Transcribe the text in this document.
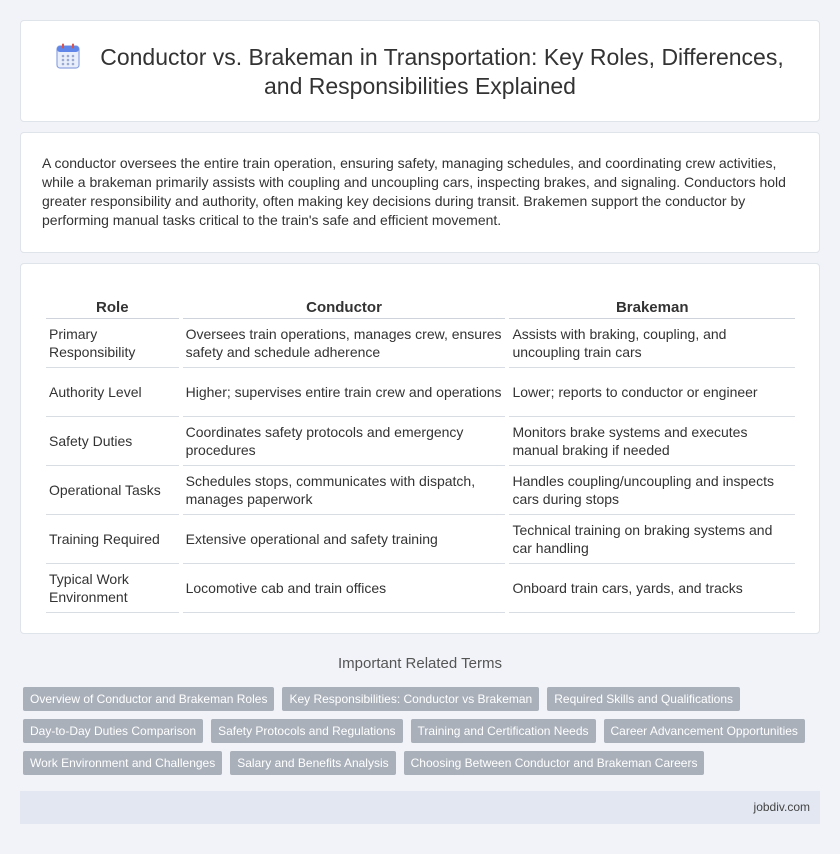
Conductor vs. Brakeman in Transportation: Key Roles, Differences, and Responsibilities Explained

A conductor oversees the entire train operation, ensuring safety, managing schedules, and coordinating crew activities, while a brakeman primarily assists with coupling and uncoupling cars, inspecting brakes, and signaling. Conductors hold greater responsibility and authority, often making key decisions during transit. Brakemen support the conductor by performing manual tasks critical to the train's safe and efficient movement.

Role	Conductor	Brakeman
Primary Responsibility	Oversees train operations, manages crew, ensures safety and schedule adherence	Assists with braking, coupling, and uncoupling train cars
Authority Level	Higher; supervises entire train crew and operations	Lower; reports to conductor or engineer
Safety Duties	Coordinates safety protocols and emergency procedures	Monitors brake systems and executes manual braking if needed
Operational Tasks	Schedules stops, communicates with dispatch, manages paperwork	Handles coupling/uncoupling and inspects cars during stops
Training Required	Extensive operational and safety training	Technical training on braking systems and car handling
Typical Work Environment	Locomotive cab and train offices	Onboard train cars, yards, and tracks
Important Related Terms
Overview of Conductor and Brakeman Roles	Key Responsibilities: Conductor vs Brakeman	Required Skills and Qualifications
Day-to-Day Duties Comparison	Safety Protocols and Regulations	Training and Certification Needs	Career Advancement Opportunities
Work Environment and Challenges	Salary and Benefits Analysis	Choosing Between Conductor and Brakeman Careers
jobdiv.com
